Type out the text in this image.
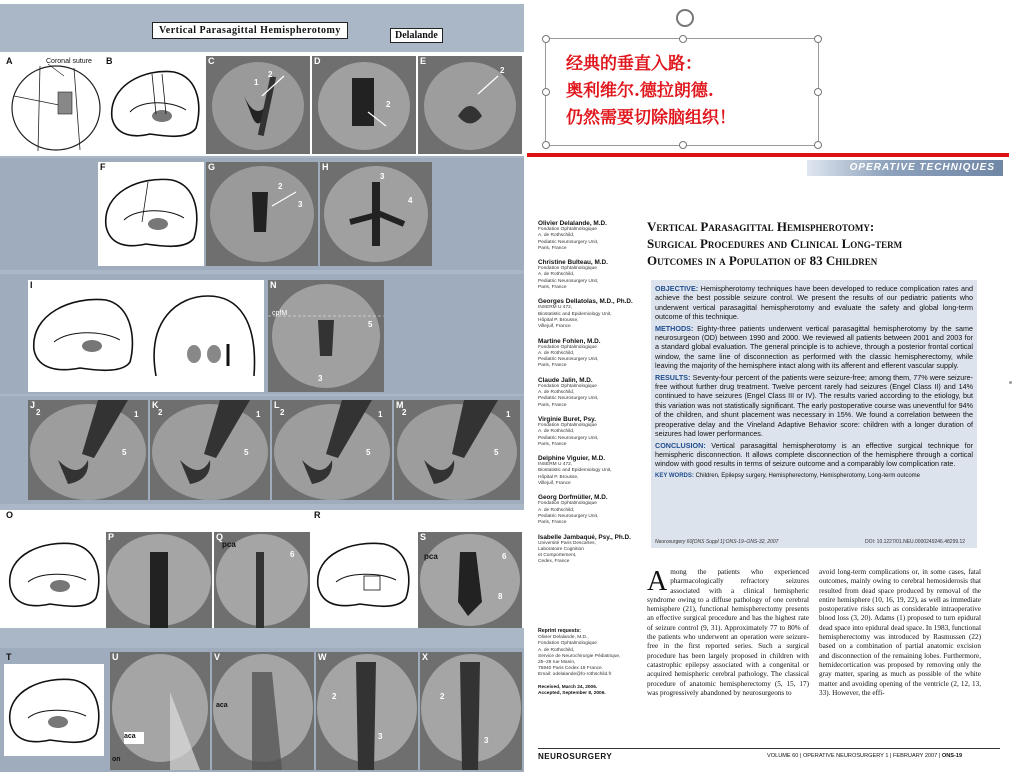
Vertical Parasagittal Hemispherotomy	Delalande
A	Coronal suture B	C
1
2
D
2
E
2
F	G
2
3
H
3
4
I	N
cpfM
5
3
J
2	1
5
K
2	1
5
L
2	1
5
M
2	1
5
O
P	Q
pca
6
R
S
pca	6
8
T	U
aca
on
V
aca
W
2
3
X
2
3
经典的垂直入路：
奥利维尔.德拉朗德.
仍然需要切除脑组织！
OPERATIVE TECHNIQUES
Olivier Delalande, M.D.
Fondation Ophtalmologique
A. de Rothschild,
Pediatric Neurosurgery Unit,
Paris, France
Christine Bulteau, M.D.
Fondation Ophtalmologique
A. de Rothschild,
Pediatric Neurosurgery Unit,
Paris, France
Georges Dellatolas, M.D., Ph.D.
INSERM U 472,
Biostatistic and Epidemiology Unit,
Hôpital P. Brousse,
Villejuif, France
Martine Fohlen, M.D.
Fondation Ophtalmologique
A. de Rothschild,
Pediatric Neurosurgery Unit,
Paris, France
Claude Jalin, M.D.
Fondation Ophtalmologique
A. de Rothschild,
Pediatric Neurosurgery Unit,
Paris, France
Virginie Buret, Psy.
Fondation Ophtalmologique
A. de Rothschild,
Pediatric Neurosurgery Unit,
Paris, France
Delphine Viguier, M.D.
INSERM U 472,
Biostatistic and Epidemiology Unit,
Hôpital P. Brousse,
Villejuif, France
Georg Dorfmüller, M.D.
Fondation Ophtalmologique
A. de Rothschild,
Pediatric Neurosurgery Unit,
Paris, France
Isabelle Jambaqué, Psy., Ph.D.
Université Paris Descartes,
Laboratoire Cognition
et Comportement,
Cedex, France
Vertical Parasagittal Hemispherotomy:
Surgical Procedures and Clinical Long-term
Outcomes in a Population of 83 Children

OBJECTIVE: Hemispherotomy techniques have been developed to reduce complication rates and achieve the best possible seizure control. We present the results of our pediatric patients who underwent vertical parasagittal hemispherotomy and evaluate the safety and global long-term outcome of this technique.

METHODS: Eighty-three patients underwent vertical parasagittal hemispherotomy by the same neurosurgeon (OD) between 1990 and 2000. We reviewed all patients between 2001 and 2003 for a standard global evaluation. The general principle is to achieve, through a posterior frontal cortical window, the same line of disconnection as performed with the classic hemispherectomy, while leaving the majority of the hemisphere intact along with its afferent and efferent vascular supply.

RESULTS: Seventy-four percent of the patients were seizure-free; among them, 77% were seizure-free without further drug treatment. Twelve percent rarely had seizures (Engel Class II) and 14% continued to have seizures (Engel Class III or IV). The results varied according to the etiology, but this variation was not statistically significant. The early postoperative course was uneventful for 94% of the children, and shunt placement was necessary in 15%. We found a correlation between the preoperative delay and the Vineland Adaptive Behavior score: children with a longer duration of seizures had lower performances.

CONCLUSION: Vertical parasagittal hemispherotomy is an effective surgical technique for hemispheric disconnection. It allows complete disconnection of the hemisphere through a cortical window with good results in terms of seizure outcome and a comparably low complication rate.

KEY WORDS: Children, Epilepsy surgery, Hemispherectomy, Hemispherotomy, Long-term outcome
Neurosurgery 60[ONS Suppl 1]:ONS-19–ONS-32, 2007	DOI: 10.1227/01.NEU.0000249246.48299.12
Reprint requests:
Olivier Delalande, M.D.,
Fondation Ophtalmologique
A. de Rothschild,
Service de Neurochirurgie Pédiatrique,
25–29 rue Manin,
75940 Paris Cedex 19 France.
Email: odelalande@fo-rothschild.fr
Received, March 24, 2006.
Accepted, September 8, 2006.
Among the patients who experienced pharmacologically refractory seizures associated with a clinical hemispheric syndrome owing to a diffuse pathology of one cerebral hemisphere (21), functional hemispherectomy presents an effective surgical procedure and has the highest rate of seizure control (9, 31). Approximately 77 to 80% of the patients who underwent an operation were seizure-free in the first reported series. Such a surgical procedure has been largely proposed in children with catastrophic epilepsy associated with a congenital or acquired hemispheric cerebral pathology. The classical procedure of anatomic hemispherectomy (5, 15, 17) was progressively abandoned by neurosurgeons to
avoid long-term complications or, in some cases, fatal outcomes, mainly owing to cerebral hemosiderosis that resulted from dead space produced by removal of the entire hemisphere (10, 16, 19, 22), as well as immediate postoperative risks such as considerable intraoperative blood loss (3, 20). Adams (1) proposed to turn epidural dead space into epidural dead space. In 1983, functional hemispherectomy was introduced by Rasmussen (22) based on a combination of partial anatomic excision and disconnection of the remaining lobes. Furthermore, hemidecortication was proposed by removing only the gray matter, sparing as much as possible of the white matter and avoiding opening of the ventricle (2, 12, 13, 33). However, the effi-
NEUROSURGERY	VOLUME 60 | OPERATIVE NEUROSURGERY 1 | FEBRUARY 2007 | ONS-19
